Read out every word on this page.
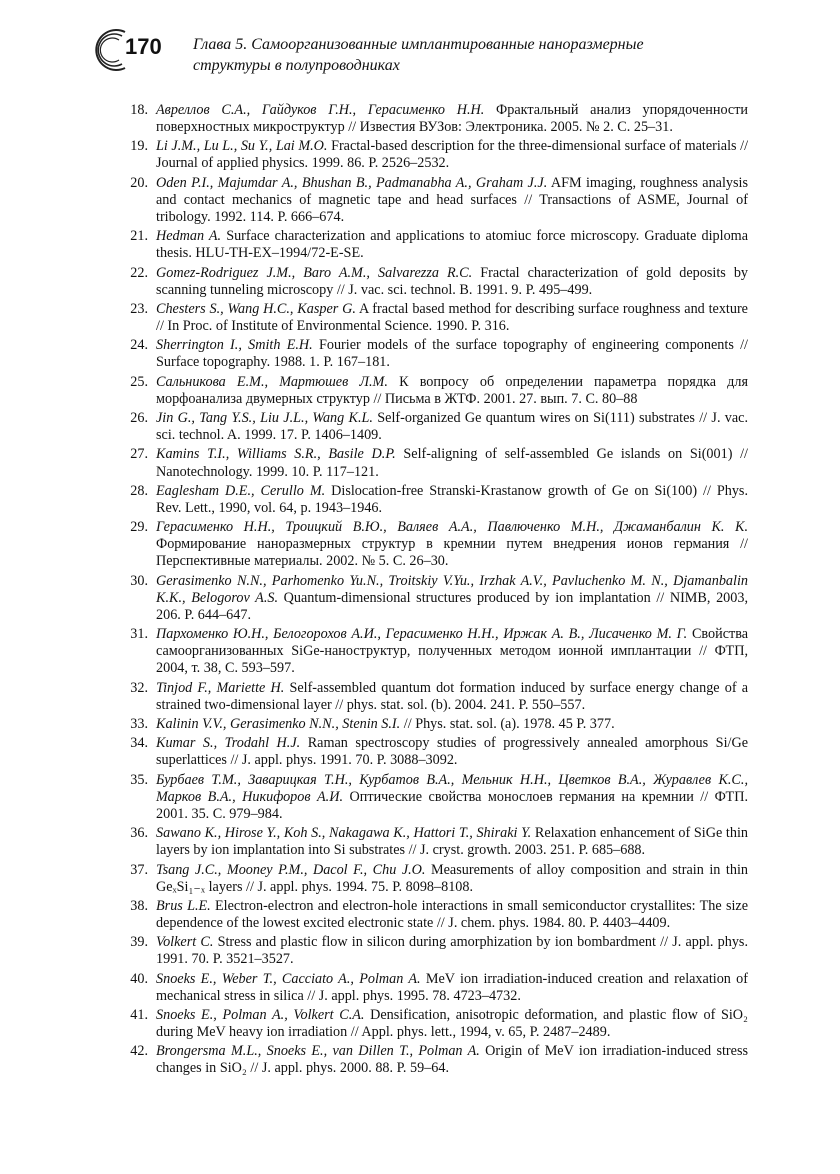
170 Глава 5. Самоорганизованные имплантированные наноразмерные
структуры в полупроводниках
18. Авреллов С.А., Гайдуков Г.Н., Герасименко Н.Н. Фрактальный анализ упорядоченности поверхностных микроструктур // Известия ВУЗов: Электроника. 2005. № 2. С. 25–31.
19. Li J.M., Lu L., Su Y., Lai M.O. Fractal-based description for the three-dimensional surface of materials // Journal of applied physics. 1999. 86. P. 2526–2532.
20. Oden P.I., Majumdar A., Bhushan B., Padmanabha A., Graham J.J. AFM imaging, roughness analysis and contact mechanics of magnetic tape and head surfaces // Transactions of ASME, Journal of tribology. 1992. 114. P. 666–674.
21. Hedman A. Surface characterization and applications to atomiuc force microscopy. Graduate diploma thesis. HLU-TH-EX–1994/72-E-SE.
22. Gomez-Rodriguez J.M., Baro A.M., Salvarezza R.C. Fractal characterization of gold deposits by scanning tunneling microscopy // J. vac. sci. technol. B. 1991. 9. P. 495–499.
23. Chesters S., Wang H.C., Kasper G. A fractal based method for describing surface roughness and texture // In Proc. of Institute of Environmental Science. 1990. P. 316.
24. Sherrington I., Smith E.H. Fourier models of the surface topography of engineering components // Surface topography. 1988. 1. P. 167–181.
25. Сальникова Е.М., Мартюшев Л.М. К вопросу об определении параметра порядка для морфоанализа двумерных структур // Письма в ЖТФ. 2001. 27. вып. 7. С. 80–88
26. Jin G., Tang Y.S., Liu J.L., Wang K.L. Self-organized Ge quantum wires on Si(111) substrates // J. vac. sci. technol. A. 1999. 17. P. 1406–1409.
27. Kamins T.I., Williams S.R., Basile D.P. Self-aligning of self-assembled Ge islands on Si(001) // Nanotechnology. 1999. 10. P. 117–121.
28. Eaglesham D.E., Cerullo M. Dislocation-free Stranski-Krastanow growth of Ge on Si(100) // Phys. Rev. Lett., 1990, vol. 64, p. 1943–1946.
29. Герасименко Н.Н., Троицкий В.Ю., Валяев А.А., Павлюченко М.Н., Джаманбалин К. К. Формирование наноразмерных структур в кремнии путем внедрения ионов германия // Перспективные материалы. 2002. № 5. С. 26–30.
30. Gerasimenko N.N., Parhomenko Yu.N., Troitskiy V.Yu., Irzhak A.V., Pavluchenko M. N., Djamanbalin K.K., Belogorov A.S. Quantum-dimensional structures produced by ion implantation // NIMB, 2003, 206. P. 644–647.
31. Пархоменко Ю.Н., Белогорохов А.И., Герасименко Н.Н., Иржак А. В., Лисаченко М. Г. Свойства самоорганизованных SiGe-наноструктур, полученных методом ионной имплантации // ФТП, 2004, т. 38, С. 593–597.
32. Tinjod F., Mariette H. Self-assembled quantum dot formation induced by surface energy change of a strained two-dimensional layer // phys. stat. sol. (b). 2004. 241. P. 550–557.
33. Kalinin V.V., Gerasimenko N.N., Stenin S.I. // Phys. stat. sol. (a). 1978. 45 P. 377.
34. Kumar S., Trodahl H.J. Raman spectroscopy studies of progressively annealed amorphous Si/Ge superlattices // J. appl. phys. 1991. 70. P. 3088–3092.
35. Бурбаев Т.М., Заварицкая Т.Н., Курбатов В.А., Мельник Н.Н., Цветков В.А., Журавлев К.С., Марков В.А., Никифоров А.И. Оптические свойства монослоев германия на кремнии // ФТП. 2001. 35. С. 979–984.
36. Sawano K., Hirose Y., Koh S., Nakagawa K., Hattori T., Shiraki Y. Relaxation enhancement of SiGe thin layers by ion implantation into Si substrates // J. cryst. growth. 2003. 251. P. 685–688.
37. Tsang J.C., Mooney P.M., Dacol F., Chu J.O. Measurements of alloy composition and strain in thin GeₓSi₁₋ₓ layers // J. appl. phys. 1994. 75. P. 8098–8108.
38. Brus L.E. Electron-electron and electron-hole interactions in small semiconductor crystallites: The size dependence of the lowest excited electronic state // J. chem. phys. 1984. 80. P. 4403–4409.
39. Volkert C. Stress and plastic flow in silicon during amorphization by ion bombardment // J. appl. phys. 1991. 70. P. 3521–3527.
40. Snoeks E., Weber T., Cacciato A., Polman A. MeV ion irradiation-induced creation and relaxation of mechanical stress in silica // J. appl. phys. 1995. 78. 4723–4732.
41. Snoeks E., Polman A., Volkert C.A. Densification, anisotropic deformation, and plastic flow of SiO₂ during MeV heavy ion irradiation // Appl. phys. lett., 1994, v. 65, P. 2487–2489.
42. Brongersma M.L., Snoeks E., van Dillen T., Polman A. Origin of MeV ion irradiation-induced stress changes in SiO₂ // J. appl. phys. 2000. 88. P. 59–64.
